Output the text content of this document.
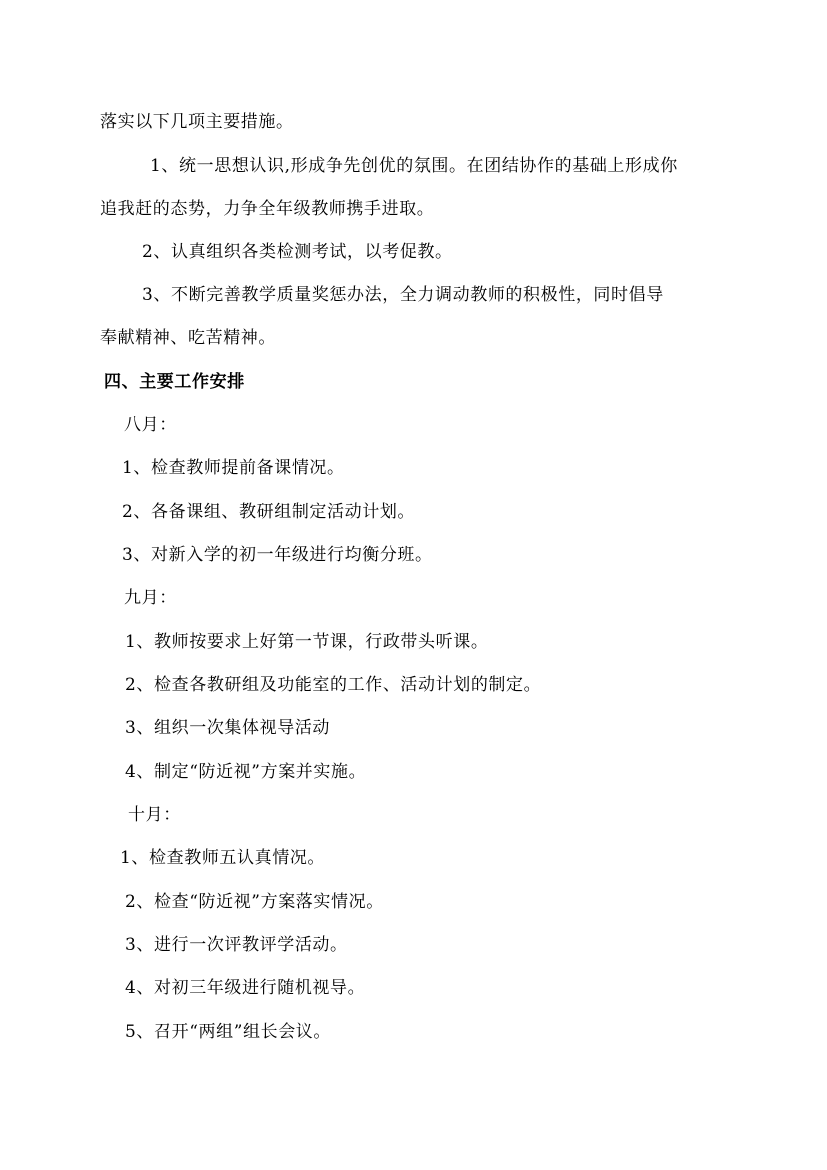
落实以下几项主要措施。
1、统一思想认识,形成争先创优的氛围。在团结协作的基础上形成你
追我赶的态势，力争全年级教师携手进取。
2、认真组织各类检测考试，以考促教。
3、不断完善教学质量奖惩办法，全力调动教师的积极性，同时倡导
奉献精神、吃苦精神。
四、主要工作安排
八月：
1、检查教师提前备课情况。
2、各备课组、教研组制定活动计划。
3、对新入学的初一年级进行均衡分班。
九月：
1、教师按要求上好第一节课，行政带头听课。
2、检查各教研组及功能室的工作、活动计划的制定。
3、组织一次集体视导活动
4、制定“防近视”方案并实施。
十月：
1、检查教师五认真情况。
2、检查“防近视”方案落实情况。
3、进行一次评教评学活动。
4、对初三年级进行随机视导。
5、召开“两组”组长会议。
